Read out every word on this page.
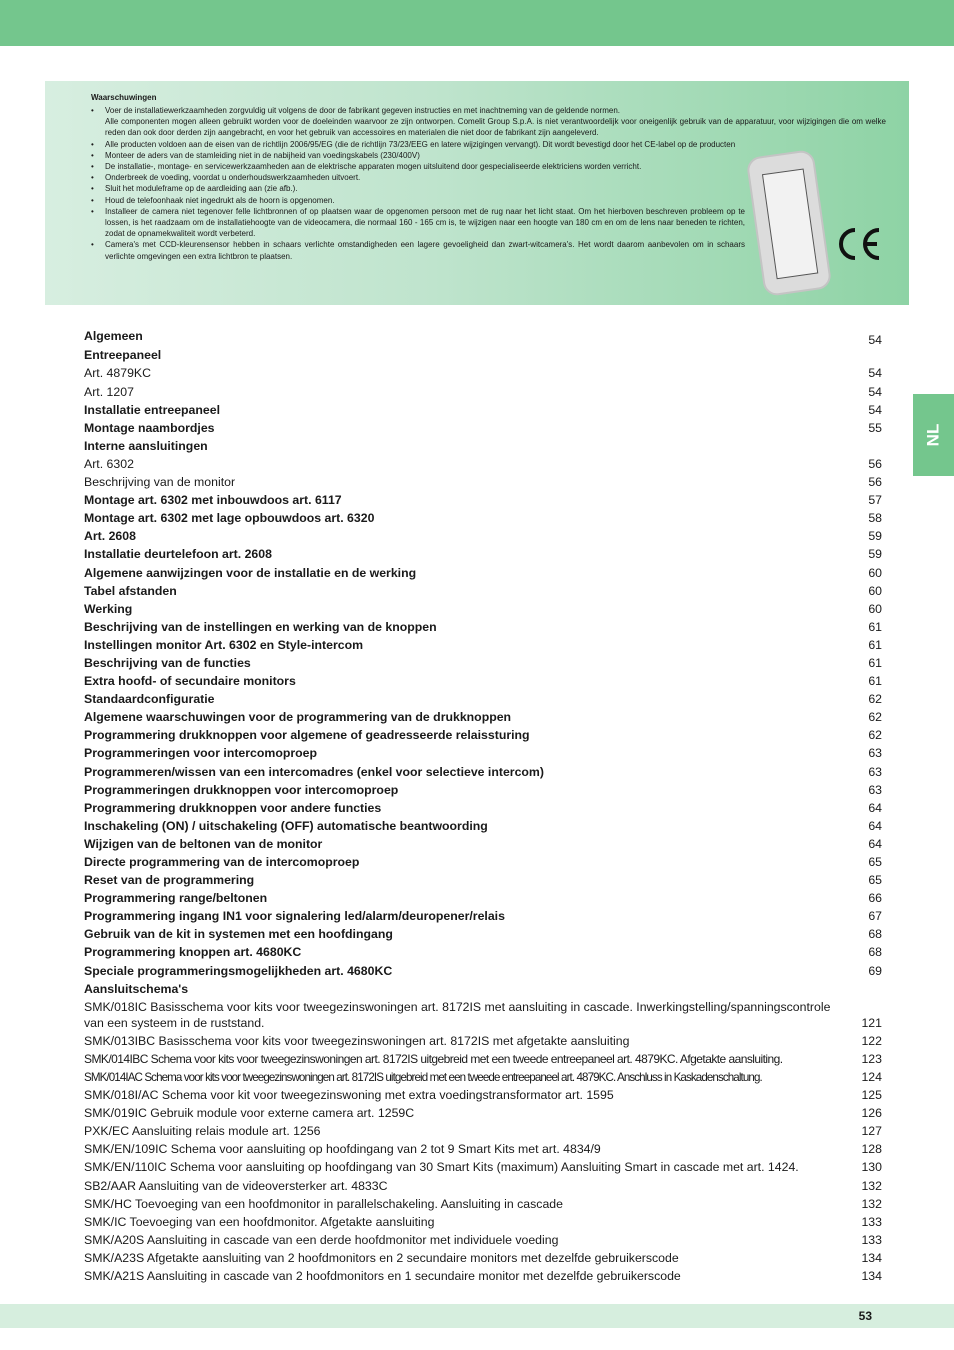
Waarschuwingen
• Voer de installatiewerkzaamheden zorgvuldig uit volgens de door de fabrikant gegeven instructies en met inachtneming van de geldende normen.
Alle componenten mogen alleen gebruikt worden voor de doeleinden waarvoor ze zijn ontworpen. Comelit Group S.p.A. is niet verantwoordelijk voor oneigenlijk gebruik van de apparatuur, voor wijzigingen die om welke reden dan ook door derden zijn aangebracht, en voor het gebruik van accessoires en materialen die niet door de fabrikant zijn aangeleverd.
• Alle producten voldoen aan de eisen van de richtlijn 2006/95/EG (die de richtlijn 73/23/EEG en latere wijzigingen vervangt). Dit wordt bevestigd door het CE-label op de producten
• Monteer de aders van de stamleiding niet in de nabijheid van voedingskabels (230/400V)
• De installatie-, montage- en servicewerkzaamheden aan de elektrische apparaten mogen uitsluitend door gespecialiseerde elektriciens worden verricht.
• Onderbreek de voeding, voordat u onderhoudswerkzaamheden uitvoert.
• Sluit het moduleframe op de aardleiding aan (zie afb.).
• Houd de telefoonhaak niet ingedrukt als de hoorn is opgenomen.
• Installeer de camera niet tegenover felle lichtbronnen of op plaatsen waar de opgenomen persoon met de rug naar het licht staat. Om het hierboven beschreven probleem op te lossen, is het raadzaam om de installatiehoogte van de videocamera, die normaal 160 - 165 cm is, te wijzigen naar een hoogte van 180 cm en om de lens naar beneden te richten, zodat de opnamekwaliteit wordt verbeterd.
• Camera's met CCD-kleurensensor hebben in schaars verlichte omstandigheden een lagere gevoeligheid dan zwart-witcamera's. Het wordt daarom aanbevolen om in schaars verlichte omgevingen een extra lichtbron te plaatsen.
NL
Algemeen	54
Entreepaneel
Art. 4879KC	54
Art. 1207	54
Installatie entreepaneel	54
Montage naambordjes	55
Interne aansluitingen
Art. 6302	56
Beschrijving van de monitor	56
Montage art. 6302 met inbouwdoos art. 6117	57
Montage art. 6302 met lage opbouwdoos art. 6320	58
Art. 2608	59
Installatie deurtelefoon art. 2608	59
Algemene aanwijzingen voor de installatie en de werking	60
Tabel afstanden	60
Werking	60
Beschrijving van de instellingen en werking van de knoppen	61
Instellingen monitor Art. 6302 en Style-intercom	61
Beschrijving van de functies	61
Extra hoofd- of secundaire monitors	61
Standaardconfiguratie	62
Algemene waarschuwingen voor de programmering van de drukknoppen	62
Programmering drukknoppen voor algemene of geadresseerde relaissturing	62
Programmeringen voor intercomoproep	63
Programmeren/wissen van een intercomadres (enkel voor selectieve intercom)	63
Programmeringen drukknoppen voor intercomoproep	63
Programmering drukknoppen voor andere functies	64
Inschakeling (ON) / uitschakeling (OFF) automatische beantwoording	64
Wijzigen van de beltonen van de monitor	64
Directe programmering van de intercomoproep	65
Reset van de programmering	65
Programmering range/beltonen	66
Programmering ingang IN1 voor signalering led/alarm/deuropener/relais	67
Gebruik van de kit in systemen met een hoofdingang	68
Programmering knoppen art. 4680KC	68
Speciale programmeringsmogelijkheden art. 4680KC	69
Aansluitschema's
SMK/018IC Basisschema voor kits voor tweegezinswoningen art. 8172IS met aansluiting in cascade. Inwerkingstelling/spanningscontrole van een systeem in de ruststand.	121
SMK/013IBC Basisschema voor kits voor tweegezinswoningen art. 8172IS met afgetakte aansluiting	122
SMK/014IBC Schema voor kits voor tweegezinswoningen art. 8172IS uitgebreid met een tweede entreepaneel art. 4879KC. Afgetakte aansluiting.	123
SMK/014IAC Schema voor kits voor tweegezinswoningen art. 8172IS uitgebreid met een tweede entreepaneel art. 4879KC. Anschluss in Kaskadenschaltung.	124
SMK/018I/AC Schema voor kit voor tweegezinswoning met extra voedingstransformator art. 1595	125
SMK/019IC Gebruik module voor externe camera art. 1259C	126
PXK/EC Aansluiting relais module art. 1256	127
SMK/EN/109IC Schema voor aansluiting op hoofdingang van 2 tot 9 Smart Kits met art. 4834/9	128
SMK/EN/110IC Schema voor aansluiting op hoofdingang van 30 Smart Kits (maximum) Aansluiting Smart in cascade met art. 1424.	130
SB2/AAR Aansluiting van de videoversterker art. 4833C	132
SMK/HC Toevoeging van een hoofdmonitor in parallelschakeling. Aansluiting in cascade	132
SMK/IC Toevoeging van een hoofdmonitor. Afgetakte aansluiting	133
SMK/A20S Aansluiting in cascade van een derde hoofdmonitor met individuele voeding	133
SMK/A23S Afgetakte aansluiting van 2 hoofdmonitors en 2 secundaire monitors met dezelfde gebruikerscode	134
SMK/A21S Aansluiting in cascade van 2 hoofdmonitors en 1 secundaire monitor met dezelfde gebruikerscode	134
53
